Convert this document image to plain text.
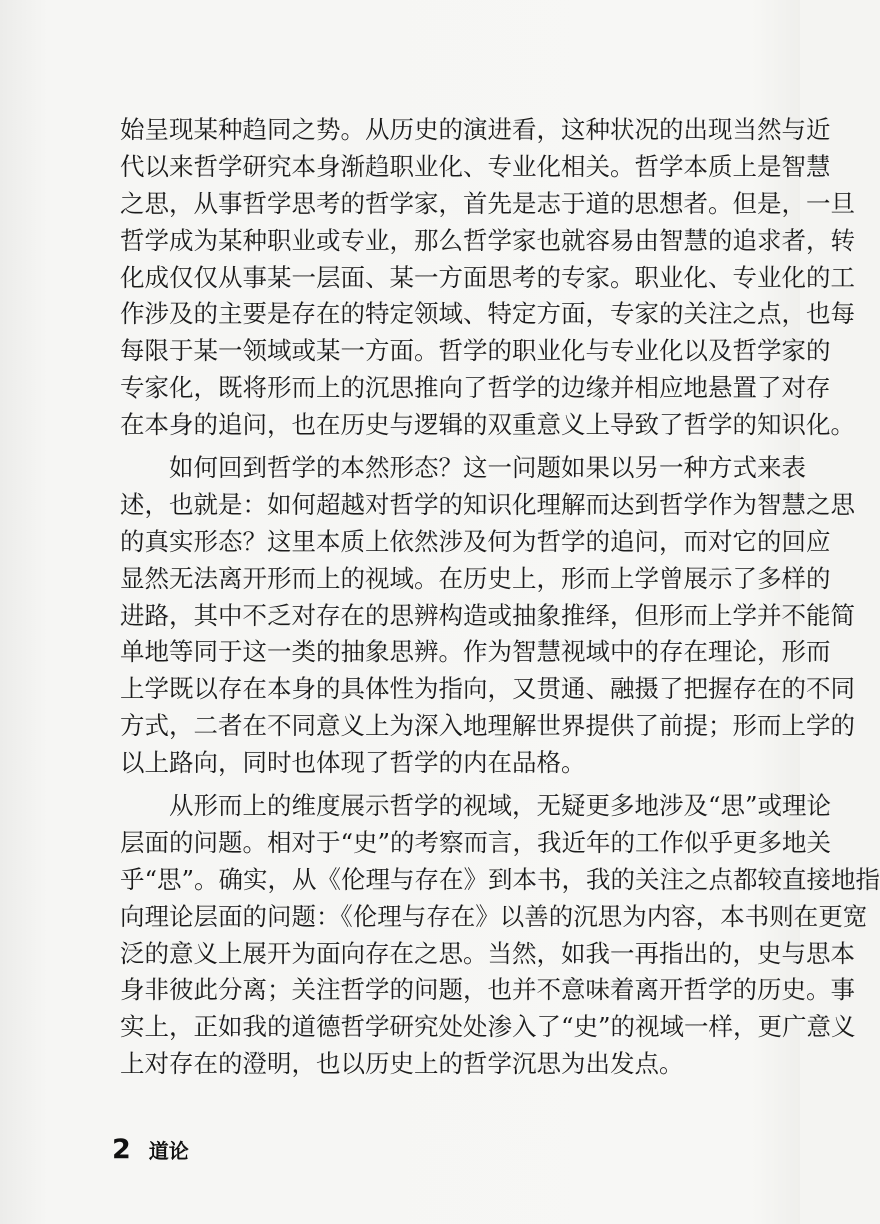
始呈现某种趋同之势。从历史的演进看，这种状况的出现当然与近
代以来哲学研究本身渐趋职业化、专业化相关。哲学本质上是智慧
之思，从事哲学思考的哲学家，首先是志于道的思想者。但是，一旦
哲学成为某种职业或专业，那么哲学家也就容易由智慧的追求者，转
化成仅仅从事某一层面、某一方面思考的专家。职业化、专业化的工
作涉及的主要是存在的特定领域、特定方面，专家的关注之点，也每
每限于某一领域或某一方面。哲学的职业化与专业化以及哲学家的
专家化，既将形而上的沉思推向了哲学的边缘并相应地悬置了对存
在本身的追问，也在历史与逻辑的双重意义上导致了哲学的知识化。

如何回到哲学的本然形态？这一问题如果以另一种方式来表
述，也就是：如何超越对哲学的知识化理解而达到哲学作为智慧之思
的真实形态？这里本质上依然涉及何为哲学的追问，而对它的回应
显然无法离开形而上的视域。在历史上，形而上学曾展示了多样的
进路，其中不乏对存在的思辨构造或抽象推绎，但形而上学并不能简
单地等同于这一类的抽象思辨。作为智慧视域中的存在理论，形而
上学既以存在本身的具体性为指向，又贯通、融摄了把握存在的不同
方式，二者在不同意义上为深入地理解世界提供了前提；形而上学的
以上路向，同时也体现了哲学的内在品格。

从形而上的维度展示哲学的视域，无疑更多地涉及“思”或理论
层面的问题。相对于“史”的考察而言，我近年的工作似乎更多地关
乎“思”。确实，从《伦理与存在》到本书，我的关注之点都较直接地指
向理论层面的问题：《伦理与存在》以善的沉思为内容，本书则在更宽
泛的意义上展开为面向存在之思。当然，如我一再指出的，史与思本
身非彼此分离；关注哲学的问题，也并不意味着离开哲学的历史。事
实上，正如我的道德哲学研究处处渗入了“史”的视域一样，更广意义
上对存在的澄明，也以历史上的哲学沉思为出发点。

2 道论
